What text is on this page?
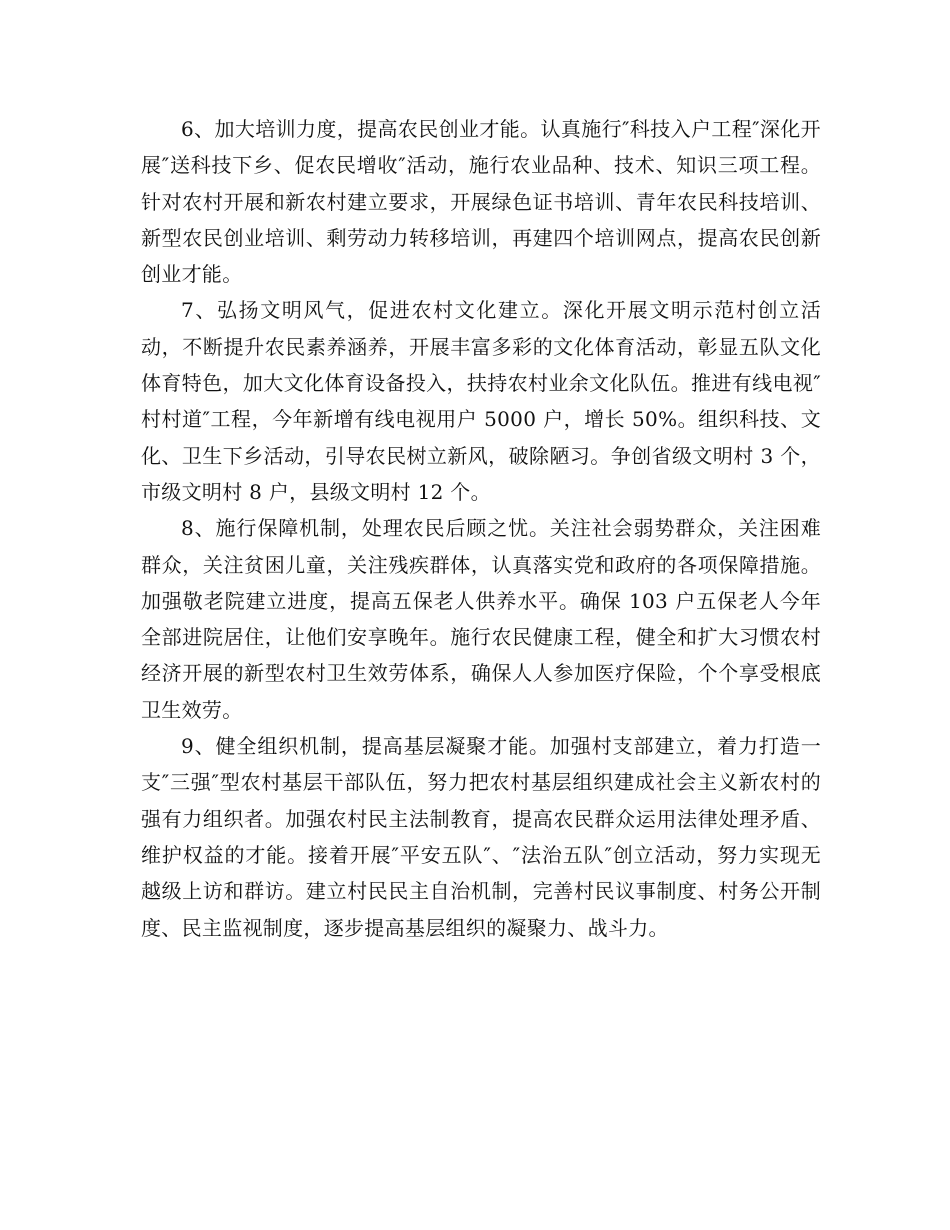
6、加大培训力度，提高农民创业才能。认真施行″科技入户工程″深化开展″送科技下乡、促农民增收″活动，施行农业品种、技术、知识三项工程。针对农村开展和新农村建立要求，开展绿色证书培训、青年农民科技培训、新型农民创业培训、剩劳动力转移培训，再建四个培训网点，提高农民创新创业才能。

7、弘扬文明风气，促进农村文化建立。深化开展文明示范村创立活动，不断提升农民素养涵养，开展丰富多彩的文化体育活动，彰显五队文化体育特色，加大文化体育设备投入，扶持农村业余文化队伍。推进有线电视″村村道″工程，今年新增有线电视用户 5000 户，增长 50%。组织科技、文化、卫生下乡活动，引导农民树立新风，破除陋习。争创省级文明村 3 个，市级文明村 8 户，县级文明村 12 个。

8、施行保障机制，处理农民后顾之忧。关注社会弱势群众，关注困难群众，关注贫困儿童，关注残疾群体，认真落实党和政府的各项保障措施。加强敬老院建立进度，提高五保老人供养水平。确保 103 户五保老人今年全部进院居住，让他们安享晚年。施行农民健康工程，健全和扩大习惯农村经济开展的新型农村卫生效劳体系，确保人人参加医疗保险，个个享受根底卫生效劳。

9、健全组织机制，提高基层凝聚才能。加强村支部建立，着力打造一支″三强″型农村基层干部队伍，努力把农村基层组织建成社会主义新农村的强有力组织者。加强农村民主法制教育，提高农民群众运用法律处理矛盾、维护权益的才能。接着开展″平安五队″、″法治五队″创立活动，努力实现无越级上访和群访。建立村民民主自治机制，完善村民议事制度、村务公开制度、民主监视制度，逐步提高基层组织的凝聚力、战斗力。
